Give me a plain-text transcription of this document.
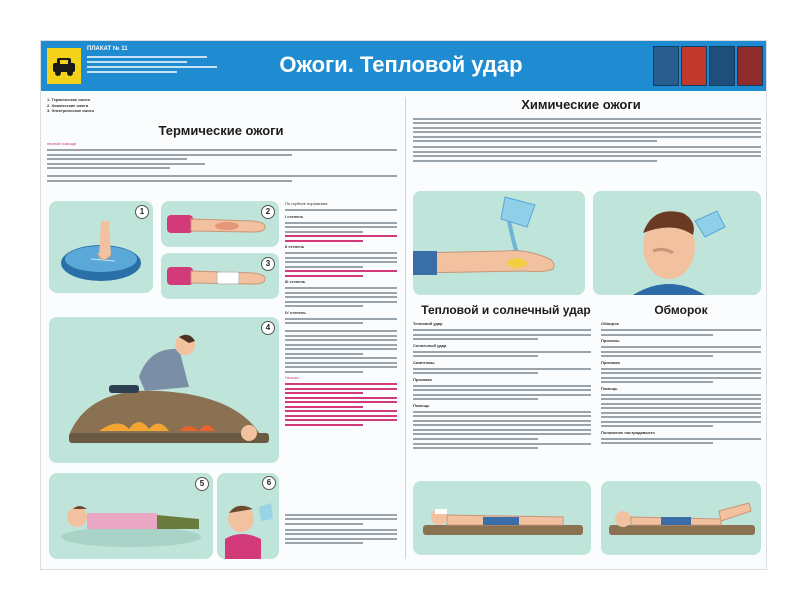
ПЛАКАТ № 11
Ожоги. Тепловой удар
1. Термические ожоги
2. Химические ожоги
3. Электрические ожоги
Термические ожоги
первой помощи
1	2
3
По глубине поражения
I степень
II степень
III степень
IV степень
Нельзя:
4
5	6
Химические ожоги
Тепловой и солнечный удар
Тепловой удар
Солнечный удар
Симптомы
Признаки
Помощь
Обморок
Обморок
Причины
Признаки
Помощь
Положение пострадавшего
